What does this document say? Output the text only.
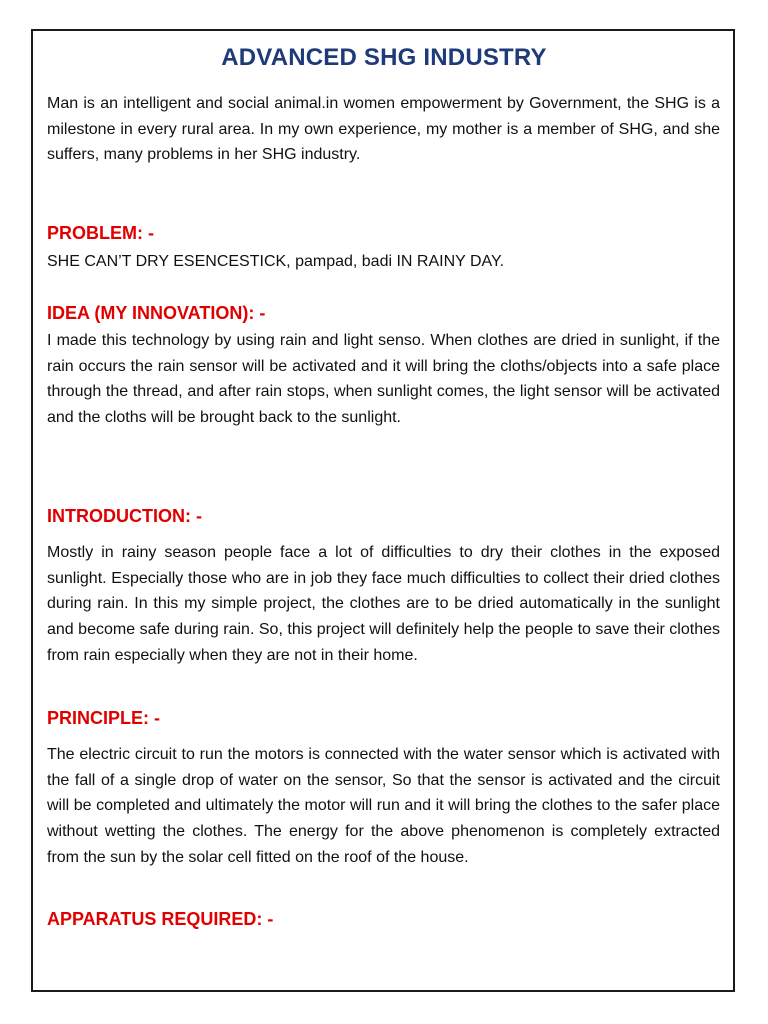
ADVANCED SHG INDUSTRY

Man is an intelligent and social animal.in women empowerment by Government, the SHG is a milestone in every rural area. In my own experience, my mother is a member of SHG, and she suffers, many problems in her SHG industry.

PROBLEM: -

SHE CAN’T DRY ESENCESTICK, pampad, badi IN RAINY DAY.

IDEA (MY INNOVATION): -

I made this technology by using rain and light senso. When clothes are dried in sunlight, if the rain occurs the rain sensor will be activated and it will bring the cloths/objects into a safe place through the thread, and after rain stops, when sunlight comes, the light sensor will be activated and the cloths will be brought back to the sunlight.

INTRODUCTION: -

Mostly in rainy season people face a lot of difficulties to dry their clothes in the exposed sunlight. Especially those who are in job they face much difficulties to collect their dried clothes during rain. In this my simple project, the clothes are to be dried automatically in the sunlight and become safe during rain. So, this project will definitely help the people to save their clothes from rain especially when they are not in their home.

PRINCIPLE: -

The electric circuit to run the motors is connected with the water sensor which is activated with the fall of a single drop of water on the sensor, So that the sensor is activated and the circuit will be completed and ultimately the motor will run and it will bring the clothes to the safer place without wetting the clothes. The energy for the above phenomenon is completely extracted from the sun by the solar cell fitted on the roof of the house.

APPARATUS REQUIRED: -
